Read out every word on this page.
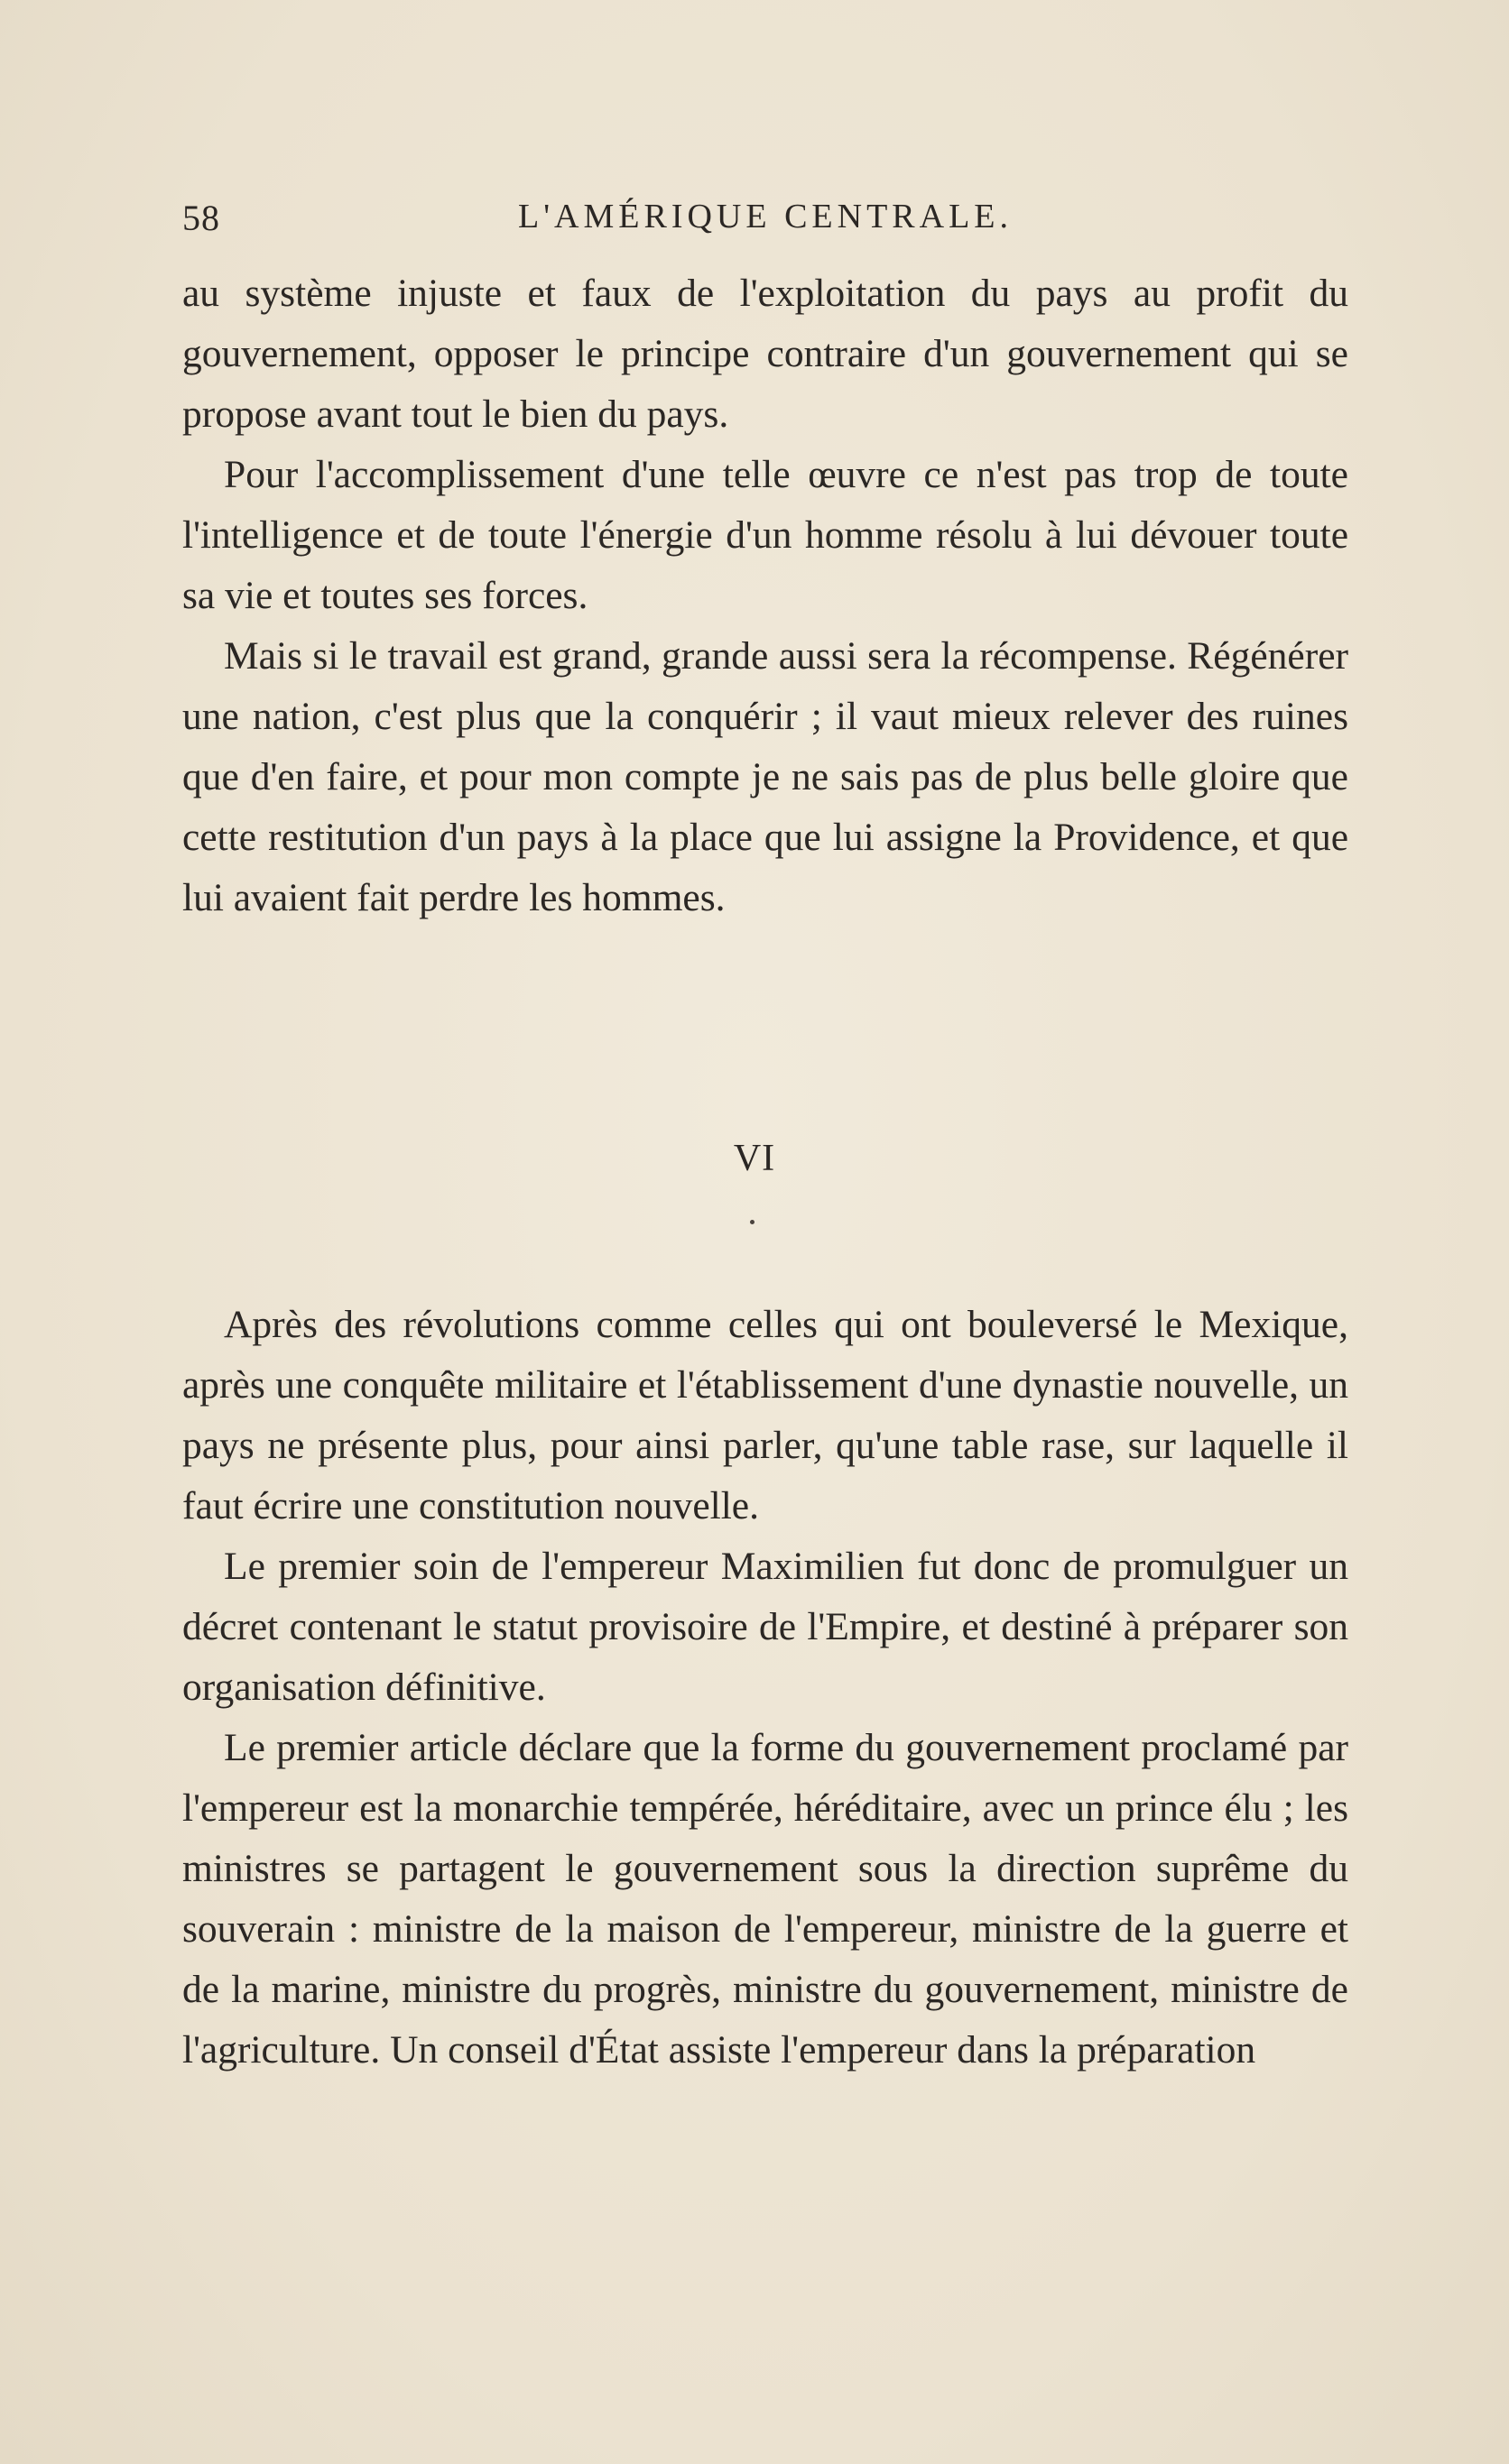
58	L'AMÉRIQUE CENTRALE.

au système injuste et faux de l'exploitation du pays au profit du gouvernement, opposer le principe contraire d'un gouvernement qui se propose avant tout le bien du pays.

Pour l'accomplissement d'une telle œuvre ce n'est pas trop de toute l'intelligence et de toute l'énergie d'un homme résolu à lui dévouer toute sa vie et toutes ses forces.

Mais si le travail est grand, grande aussi sera la récompense. Régénérer une nation, c'est plus que la conquérir ; il vaut mieux relever des ruines que d'en faire, et pour mon compte je ne sais pas de plus belle gloire que cette restitution d'un pays à la place que lui assigne la Providence, et que lui avaient fait perdre les hommes.

VI

Après des révolutions comme celles qui ont bouleversé le Mexique, après une conquête militaire et l'établissement d'une dynastie nouvelle, un pays ne présente plus, pour ainsi parler, qu'une table rase, sur laquelle il faut écrire une constitution nouvelle.

Le premier soin de l'empereur Maximilien fut donc de promulguer un décret contenant le statut provisoire de l'Empire, et destiné à préparer son organisation définitive.

Le premier article déclare que la forme du gouvernement proclamé par l'empereur est la monarchie tempérée, héréditaire, avec un prince élu ; les ministres se partagent le gouvernement sous la direction suprême du souverain : ministre de la maison de l'empereur, ministre de la guerre et de la marine, ministre du progrès, ministre du gouvernement, ministre de l'agriculture. Un conseil d'État assiste l'empereur dans la préparation
